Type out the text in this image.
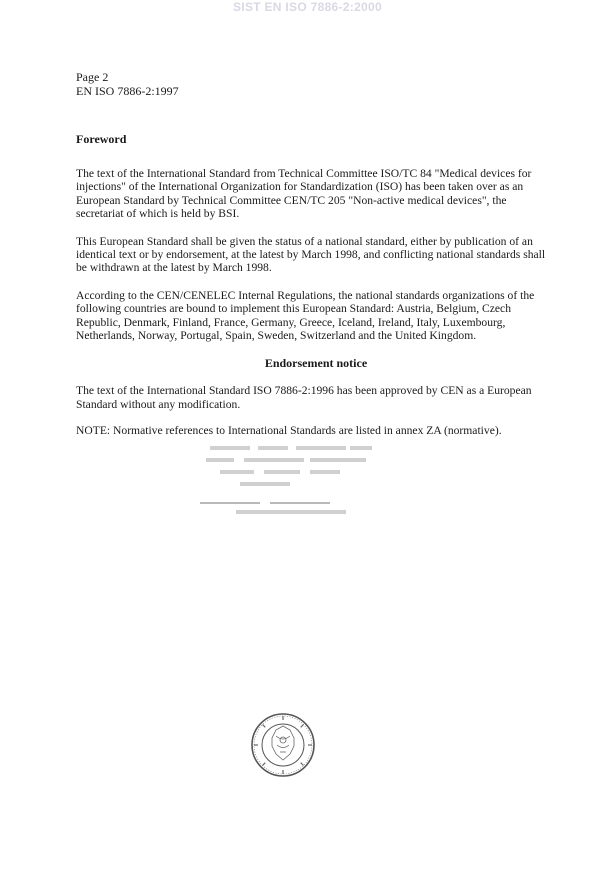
SIST EN ISO 7886-2:2000
Page 2
EN ISO 7886-2:1997
Foreword

The text of the International Standard from Technical Committee ISO/TC 84 "Medical devices for injections" of the International Organization for Standardization (ISO) has been taken over as an European Standard by Technical Committee CEN/TC 205 "Non-active medical devices", the secretariat of which is held by BSI.

This European Standard shall be given the status of a national standard, either by publication of an identical text or by endorsement, at the latest by March 1998, and conflicting national standards shall be withdrawn at the latest by March 1998.

According to the CEN/CENELEC Internal Regulations, the national standards organizations of the following countries are bound to implement this European Standard: Austria, Belgium, Czech Republic, Denmark, Finland, France, Germany, Greece, Iceland, Ireland, Italy, Luxembourg, Netherlands, Norway, Portugal, Spain, Sweden, Switzerland and the United Kingdom.

Endorsement notice

The text of the International Standard ISO 7886-2:1996 has been approved by CEN as a European Standard without any modification.

NOTE: Normative references to International Standards are listed in annex ZA (normative).
